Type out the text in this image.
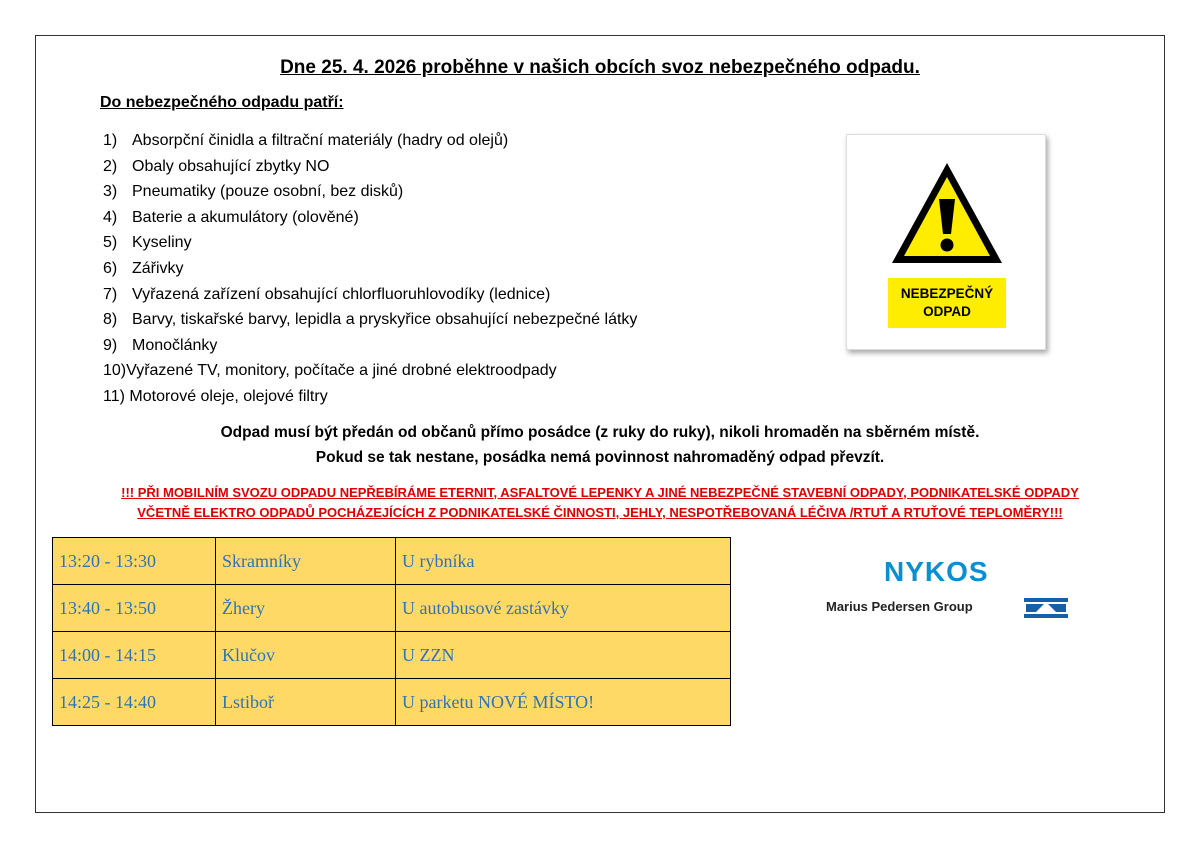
Dne 25. 4. 2026 proběhne v našich obcích svoz nebezpečného odpadu.
Do nebezpečného odpadu patří:
1) Absorpční činidla a filtrační materiály (hadry od olejů)
2) Obaly obsahující zbytky NO
3) Pneumatiky (pouze osobní, bez disků)
4) Baterie a akumulátory (olověné)
5) Kyseliny
6) Zářivky
7) Vyřazená zařízení obsahující chlorfluoruhlovodíky (lednice)
8) Barvy, tiskařské barvy, lepidla a pryskyřice obsahující nebezpečné látky
9) Monočlánky
10)Vyřazené TV, monitory, počítače a jiné drobné elektroodpady
11) Motorové oleje, olejové filtry
NEBEZPEČNÝ
ODPAD
Odpad musí být předán od občanů přímo posádce (z ruky do ruky), nikoli hromaděn na sběrném místě.
Pokud se tak nestane, posádka nemá povinnost nahromaděný odpad převzít.
!!! PŘI MOBILNÍM SVOZU ODPADU NEPŘEBÍRÁME ETERNIT, ASFALTOVÉ LEPENKY A JINÉ NEBEZPEČNÉ STAVEBNÍ ODPADY, PODNIKATELSKÉ ODPADY
VČETNĚ ELEKTRO ODPADŮ POCHÁZEJÍCÍCH Z PODNIKATELSKÉ ČINNOSTI, JEHLY, NESPOTŘEBOVANÁ LÉČIVA /RTUŤ A RTUŤOVÉ TEPLOMĚRY!!!
13:20 - 13:30	Skramníky	U rybníka
13:40 - 13:50	Žhery	U autobusové zastávky
14:00 - 14:15	Klučov	U ZZN
14:25 - 14:40	Lstiboř	U parketu NOVÉ MÍSTO!
NYKOS
Marius Pedersen Group
